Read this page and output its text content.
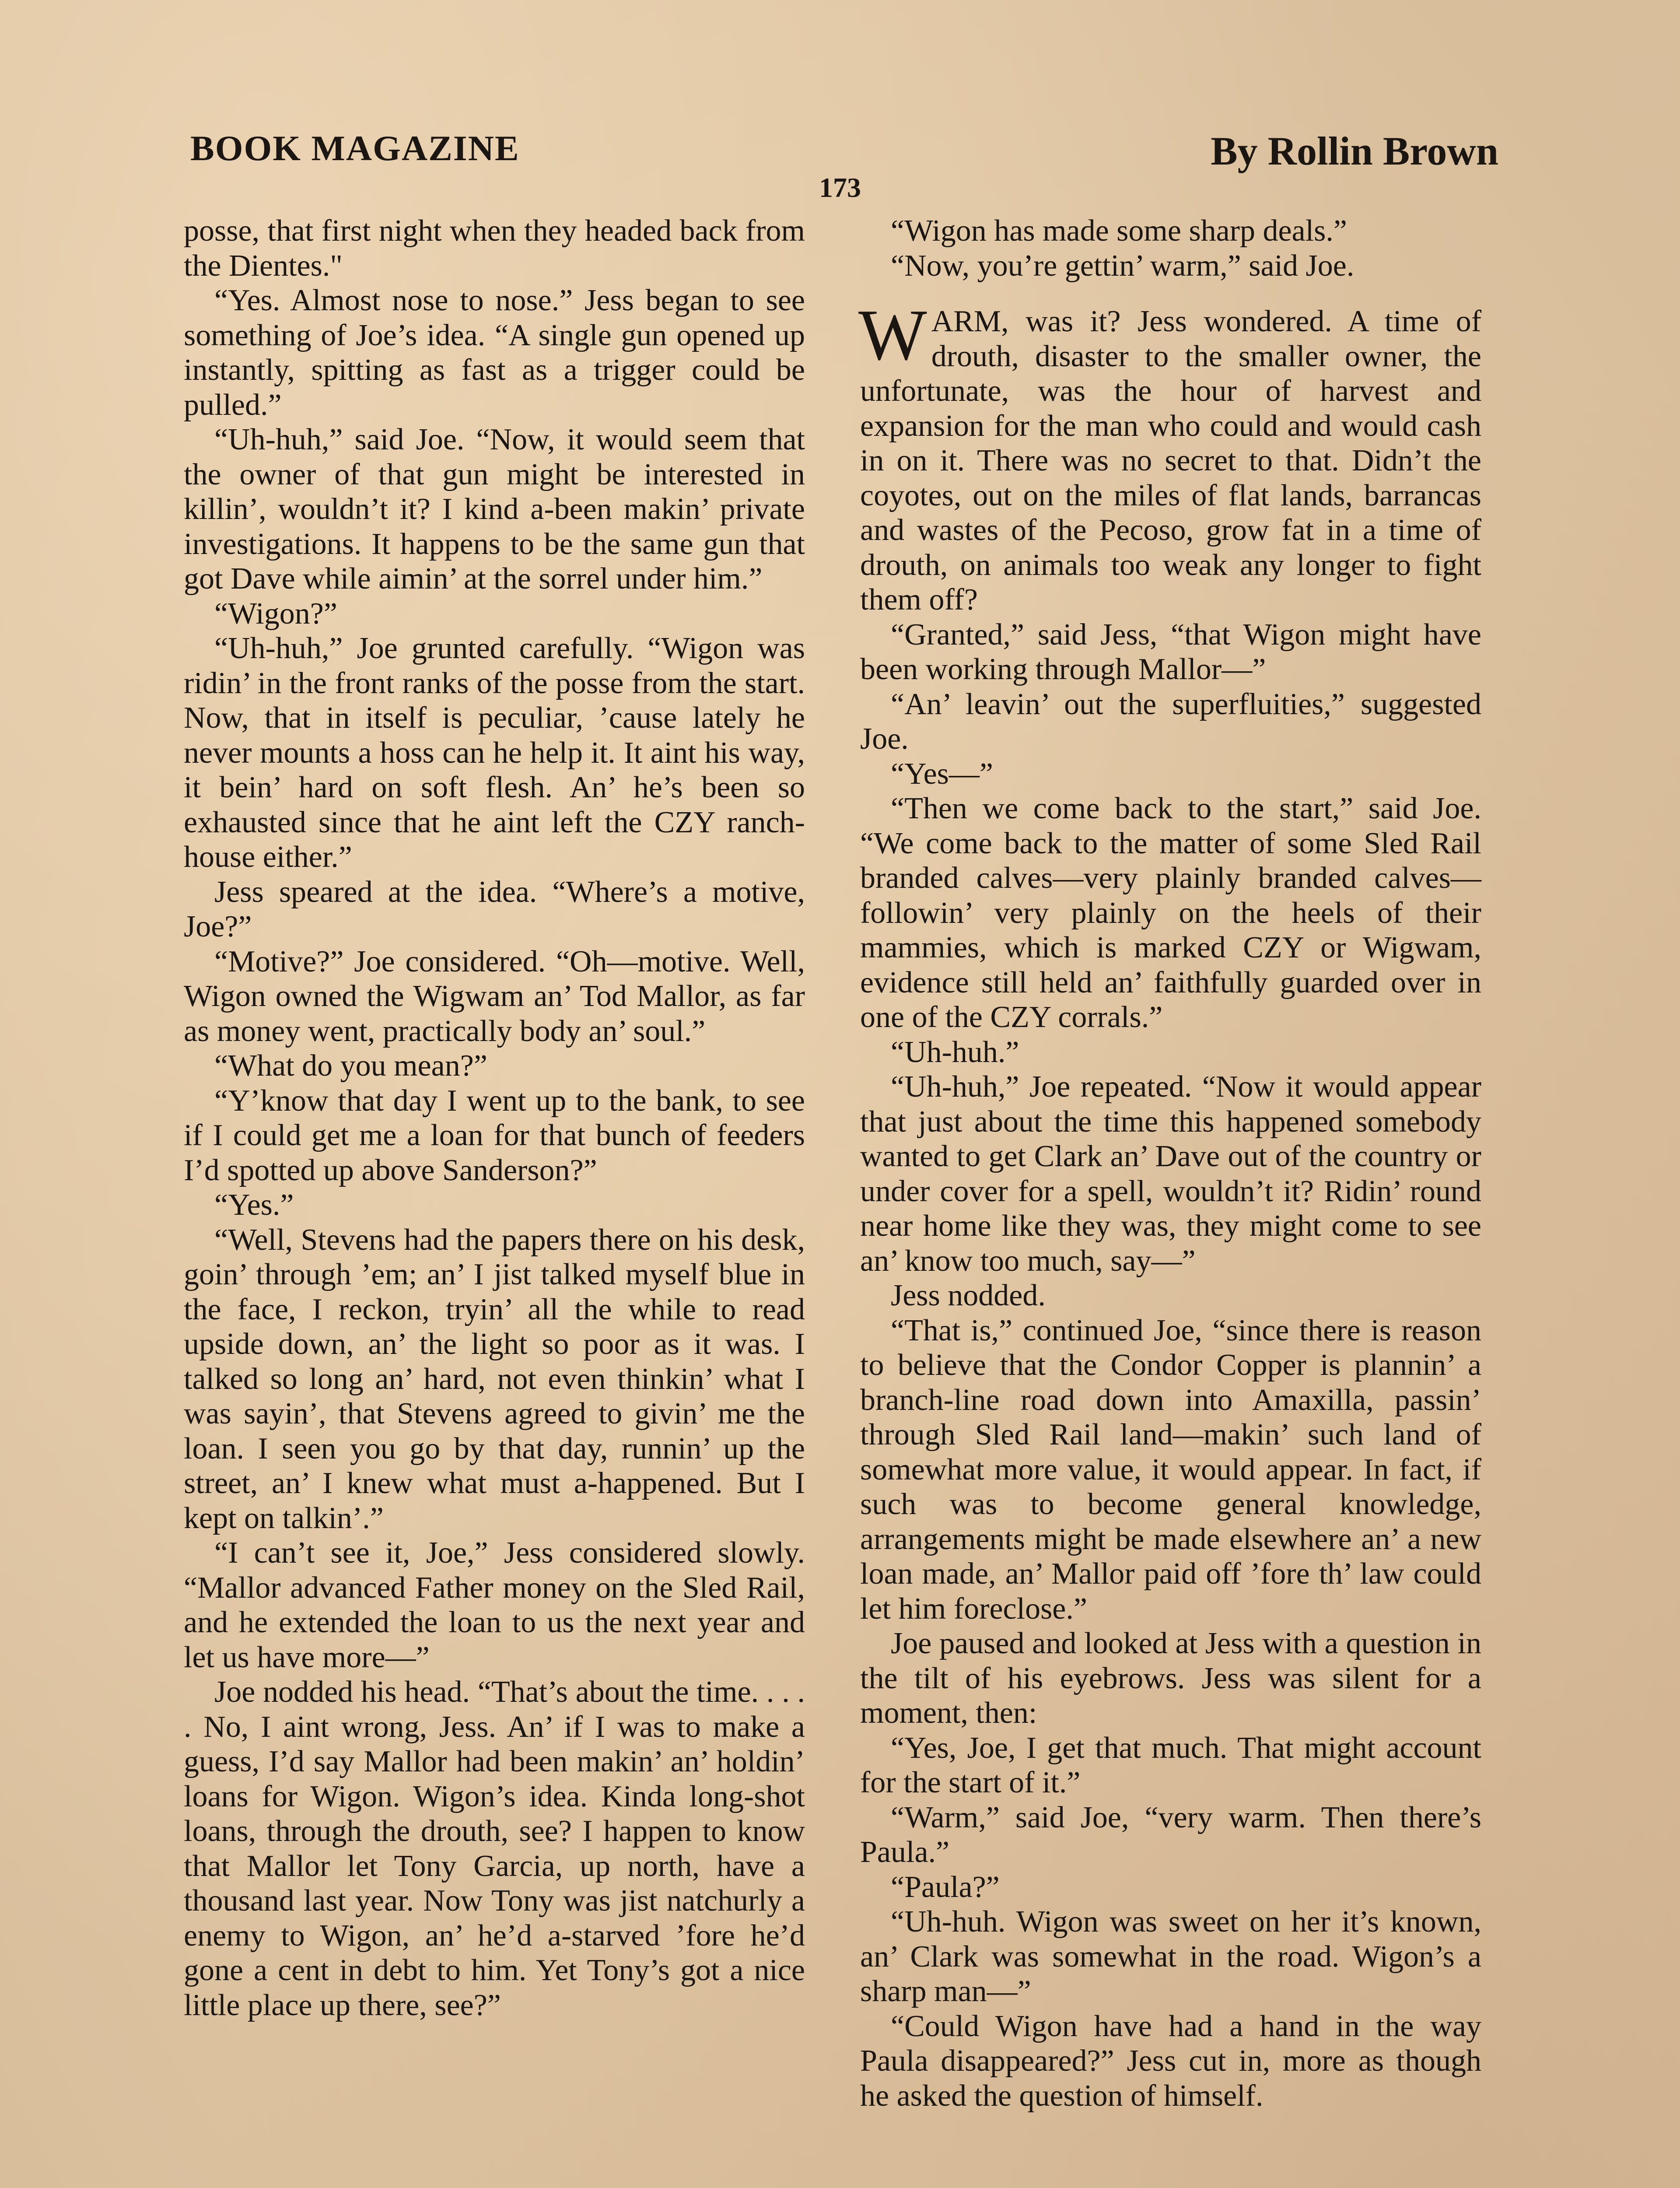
BOOK MAGAZINE	By Rollin Brown
173

posse, that first night when they headed back from the Dientes."

“Yes. Almost nose to nose.” Jess began to see something of Joe’s idea. “A single gun opened up instantly, spitting as fast as a trigger could be pulled.”

“Uh-huh,” said Joe. “Now, it would seem that the owner of that gun might be interested in killin’, wouldn’t it? I kind a-been makin’ private investigations. It happens to be the same gun that got Dave while aimin’ at the sorrel under him.”

“Wigon?”

“Uh-huh,” Joe grunted carefully. “Wigon was ridin’ in the front ranks of the posse from the start. Now, that in itself is peculiar, ’cause lately he never mounts a hoss can he help it. It aint his way, it bein’ hard on soft flesh. An’ he’s been so exhausted since that he aint left the CZY ranch-house either.”

Jess speared at the idea. “Where’s a motive, Joe?”

“Motive?” Joe considered. “Oh—motive. Well, Wigon owned the Wigwam an’ Tod Mallor, as far as money went, practically body an’ soul.”

“What do you mean?”

“Y’know that day I went up to the bank, to see if I could get me a loan for that bunch of feeders I’d spotted up above Sanderson?”

“Yes.”

“Well, Stevens had the papers there on his desk, goin’ through ’em; an’ I jist talked myself blue in the face, I reckon, tryin’ all the while to read upside down, an’ the light so poor as it was. I talked so long an’ hard, not even thinkin’ what I was sayin’, that Stevens agreed to givin’ me the loan. I seen you go by that day, runnin’ up the street, an’ I knew what must a-happened. But I kept on talkin’.”

“I can’t see it, Joe,” Jess considered slowly. “Mallor advanced Father money on the Sled Rail, and he extended the loan to us the next year and let us have more—”

Joe nodded his head. “That’s about the time. . . . . No, I aint wrong, Jess. An’ if I was to make a guess, I’d say Mallor had been makin’ an’ holdin’ loans for Wigon. Wigon’s idea. Kinda long-shot loans, through the drouth, see? I happen to know that Mallor let Tony Garcia, up north, have a thousand last year. Now Tony was jist natchurly a enemy to Wigon, an’ he’d a-starved ’fore he’d gone a cent in debt to him. Yet Tony’s got a nice little place up there, see?”

“Wigon has made some sharp deals.”

“Now, you’re gettin’ warm,” said Joe.

WARM, was it? Jess wondered. A time of drouth, disaster to the smaller owner, the unfortunate, was the hour of harvest and expansion for the man who could and would cash in on it. There was no secret to that. Didn’t the coyotes, out on the miles of flat lands, barrancas and wastes of the Pecoso, grow fat in a time of drouth, on animals too weak any longer to fight them off?

“Granted,” said Jess, “that Wigon might have been working through Mallor—”

“An’ leavin’ out the superfluities,” suggested Joe.

“Yes—”

“Then we come back to the start,” said Joe. “We come back to the matter of some Sled Rail branded calves—very plainly branded calves—followin’ very plainly on the heels of their mammies, which is marked CZY or Wigwam, evidence still held an’ faithfully guarded over in one of the CZY corrals.”

“Uh-huh.”

“Uh-huh,” Joe repeated. “Now it would appear that just about the time this happened somebody wanted to get Clark an’ Dave out of the country or under cover for a spell, wouldn’t it? Ridin’ round near home like they was, they might come to see an’ know too much, say—”

Jess nodded.

“That is,” continued Joe, “since there is reason to believe that the Condor Copper is plannin’ a branch-line road down into Amaxilla, passin’ through Sled Rail land—makin’ such land of somewhat more value, it would appear. In fact, if such was to become general knowledge, arrangements might be made elsewhere an’ a new loan made, an’ Mallor paid off ’fore th’ law could let him foreclose.”

Joe paused and looked at Jess with a question in the tilt of his eyebrows. Jess was silent for a moment, then:

“Yes, Joe, I get that much. That might account for the start of it.”

“Warm,” said Joe, “very warm. Then there’s Paula.”

“Paula?”

“Uh-huh. Wigon was sweet on her it’s known, an’ Clark was somewhat in the road. Wigon’s a sharp man—”

“Could Wigon have had a hand in the way Paula disappeared?” Jess cut in, more as though he asked the question of himself.
